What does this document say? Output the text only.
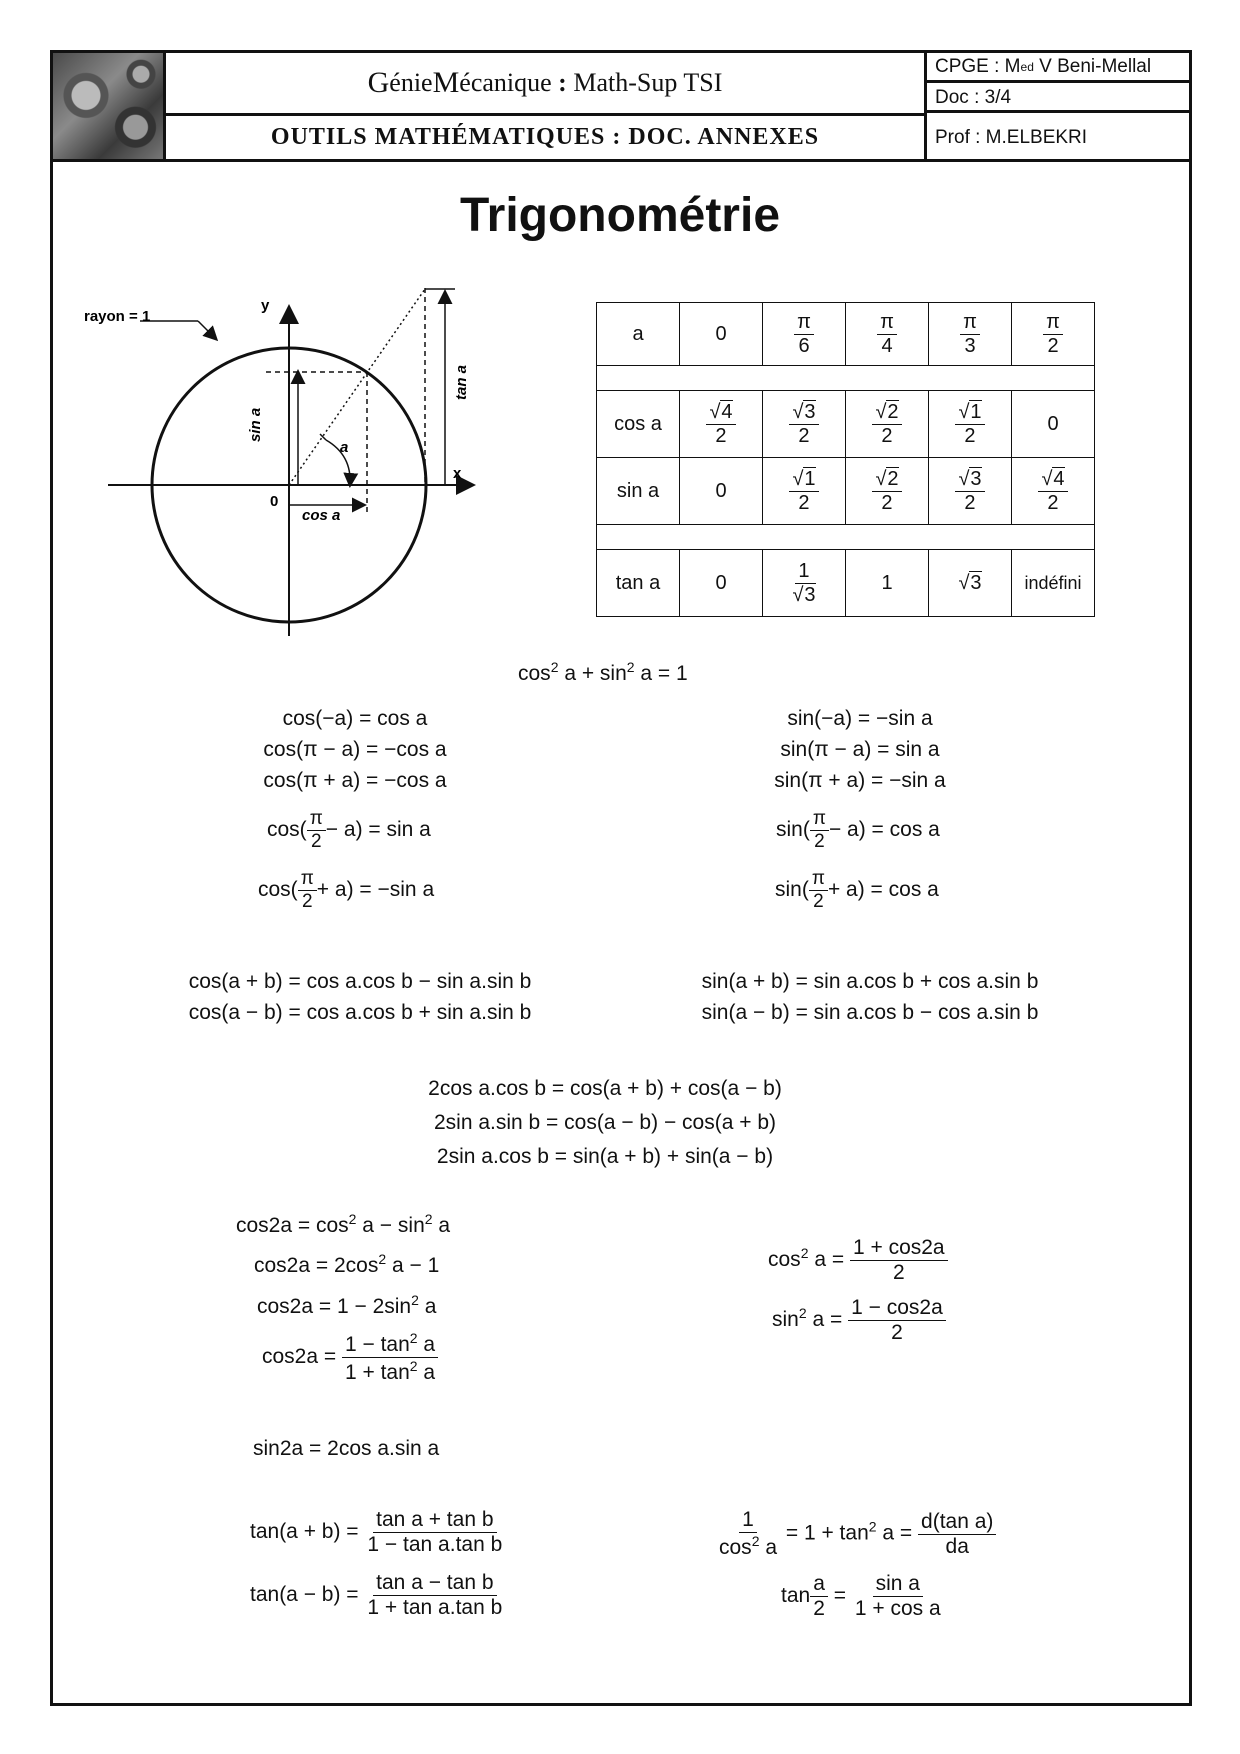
G énie M écanique : Math-Sup TSI
OUTILS MATHÉMATIQUES : DOC. ANNEXES
CPGE : M ed V Beni-Mellal
Doc : 3/4
Prof : M.ELBEKRI
Trigonométrie
rayon = 1
y
x
0
cos a
a
sin a
tan a
a	0	$\frac{\pi}{6}$	$\frac{\pi}{4}$	$\frac{\pi}{3}$	$\frac{\pi}{2}$

cos a	$\frac{√4}{2}$	$\frac{√3}{2}$	$\frac{√2}{2}$	$\frac{√1}{2}$	0
sin a	0	$\frac{√1}{2}$	$\frac{√2}{2}$	$\frac{√3}{2}$	$\frac{√4}{2}$

tan a	0	$\frac{1}{√3}$	1	√3	indéfini
$\cos^2 a + \sin^2 a = 1$
cos(−a) = cos a
cos(π − a) = −cos a
cos(π + a) = −cos a
$\cos( \frac{\pi}{2} - a) = \sin a$
$\cos( \frac{\pi}{2} + a) = -\sin$ a
sin(−a) = −sin a
sin(π − a) = sin a
sin(π + a) = −sin a
$\sin( \frac{\pi}{2} - a) = \cos a$
$\sin( \frac{\pi}{2} + a) = \cos a$
cos(a + b) = cos a.cos b − sin a.sin b
cos(a − b) = cos a.cos b + sin a.sin b
sin(a + b) = sin a.cos b + cos a.sin b
sin(a − b) = sin a.cos b − cos a.sin b
2cos a.cos b = cos(a + b) + cos(a − b)
2sin a.sin b = cos(a − b) − cos(a + b)
2sin a.cos b = sin(a + b) + sin(a − b)
$\cos 2a = \cos^2 a - \sin^2 a$
$\cos 2a = 2\cos^2$ a − 1
$\cos 2a = 1 - 2\sin^2$ a
$\cos 2a = \frac{1 - \tan^2 a}{1 + \tan^2 a}$
sin2a = 2cos a.sin a
$\cos^2 a = \frac{1 + \cos 2a}{2}$
$\sin^2 a = \frac{1 - \cos 2a}{2}$
$\tan(a + b) = \frac{\text{tan a + tan b}}{\text{1 − tan a.tan b}}$
$\tan(a - b) = \frac{\text{tan a − tan b}}{\text{1 + tan a.tan b}}$
$\frac{1}{\cos^2 a} = 1 + \tan^2 a = \frac{\text{d(tan a)}}{da}$
$\tan \frac{a}{2} = \frac{\text{sin a}}{\text{1 + cos a}}$
